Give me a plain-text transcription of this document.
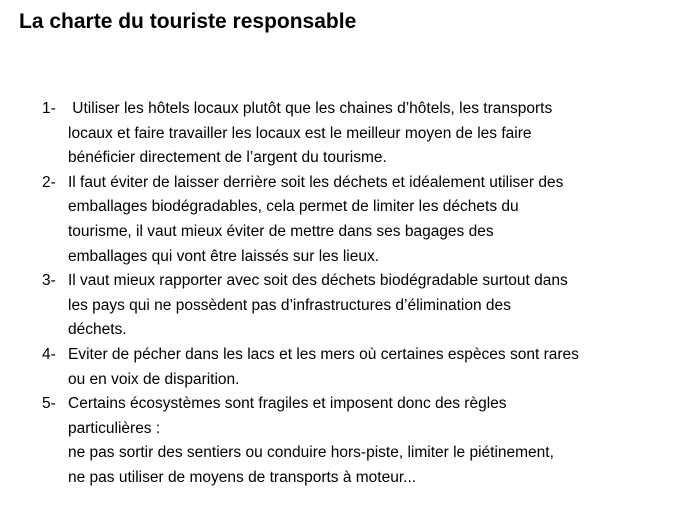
La charte du touriste responsable
1- Utiliser les hôtels locaux plutôt que les chaines d’hôtels, les transports
locaux et faire travailler les locaux est le meilleur moyen de les faire
bénéficier directement de l’argent du tourisme.
2- Il faut éviter de laisser derrière soit les déchets et idéalement utiliser des
emballages biodégradables, cela permet de limiter les déchets du
tourisme, il vaut mieux éviter de mettre dans ses bagages des
emballages qui vont être laissés sur les lieux.
3- Il vaut mieux rapporter avec soit des déchets biodégradable surtout dans
les pays qui ne possèdent pas d’infrastructures d’élimination des
déchets.
4- Eviter de pécher dans les lacs et les mers où certaines espèces sont rares
ou en voix de disparition.
5- Certains écosystèmes sont fragiles et imposent donc des règles
particulières :
ne pas sortir des sentiers ou conduire hors-piste, limiter le piétinement,
ne pas utiliser de moyens de transports à moteur...
